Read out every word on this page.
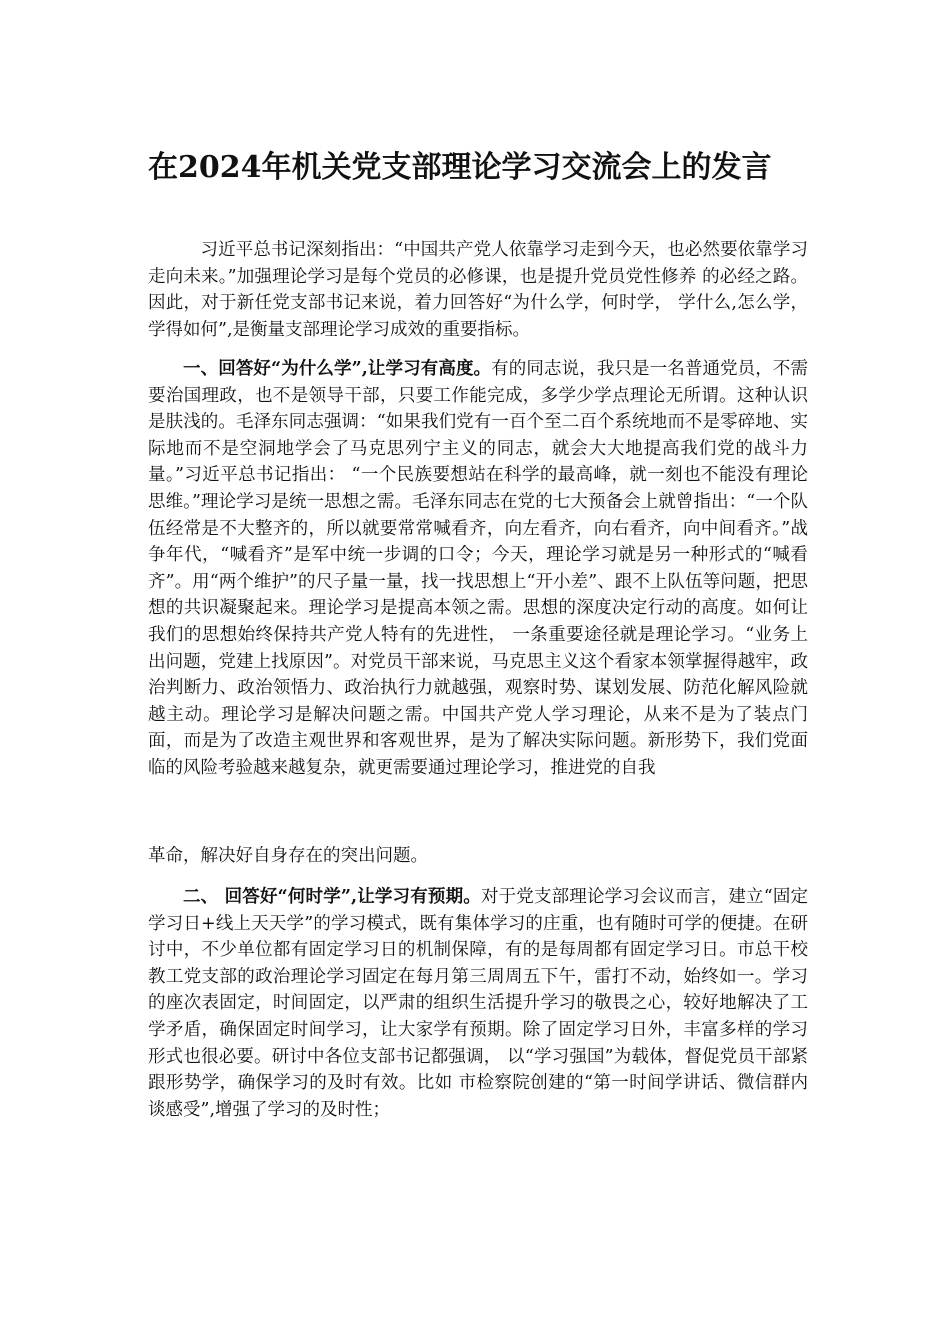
在2024年机关党支部理论学习交流会上的发言

习近平总书记深刻指出：“中国共产党人依靠学习走到今天，也必然要依靠学习走向未来。”加强理论学习是每个党员的必修课，也是提升党员党性修养 的必经之路。因此，对于新任党支部书记来说，着力回答好“为什么学，何时学， 学什么,怎么学，学得如何”,是衡量支部理论学习成效的重要指标。

一、回答好“为什么学”,让学习有高度。有的同志说，我只是一名普通党员，不需要治国理政，也不是领导干部，只要工作能完成，多学少学点理论无所谓。这种认识是肤浅的。毛泽东同志强调：“如果我们党有一百个至二百个系统地而不是零碎地、实际地而不是空洞地学会了马克思列宁主义的同志，就会大大地提高我们党的战斗力量。”习近平总书记指出： “一个民族要想站在科学的最高峰，就一刻也不能没有理论思维。”理论学习是统一思想之需。毛泽东同志在党的七大预备会上就曾指出：“一个队伍经常是不大整齐的，所以就要常常喊看齐，向左看齐，向右看齐，向中间看齐。”战争年代，“喊看齐”是军中统一步调的口令；今天，理论学习就是另一种形式的“喊看齐”。用“两个维护”的尺子量一量，找一找思想上“开小差”、跟不上队伍等问题，把思想的共识凝聚起来。理论学习是提高本领之需。思想的深度决定行动的高度。如何让我们的思想始终保持共产党人特有的先进性， 一条重要途径就是理论学习。“业务上出问题，党建上找原因”。对党员干部来说，马克思主义这个看家本领掌握得越牢，政治判断力、政治领悟力、政治执行力就越强，观察时势、谋划发展、防范化解风险就越主动。理论学习是解决问题之需。中国共产党人学习理论，从来不是为了装点门面，而是为了改造主观世界和客观世界，是为了解决实际问题。新形势下，我们党面临的风险考验越来越复杂，就更需要通过理论学习，推进党的自我

革命，解决好自身存在的突出问题。

二、 回答好“何时学”,让学习有预期。对于党支部理论学习会议而言，建立“固定学习日+线上天天学”的学习模式，既有集体学习的庄重，也有随时可学的便捷。在研讨中，不少单位都有固定学习日的机制保障，有的是每周都有固定学习日。市总干校教工党支部的政治理论学习固定在每月第三周周五下午，雷打不动，始终如一。学习的座次表固定，时间固定，以严肃的组织生活提升学习的敬畏之心，较好地解决了工学矛盾，确保固定时间学习，让大家学有预期。除了固定学习日外，丰富多样的学习形式也很必要。研讨中各位支部书记都强调， 以“学习强国”为载体，督促党员干部紧跟形势学，确保学习的及时有效。比如 市检察院创建的“第一时间学讲话、微信群内谈感受”,增强了学习的及时性；
